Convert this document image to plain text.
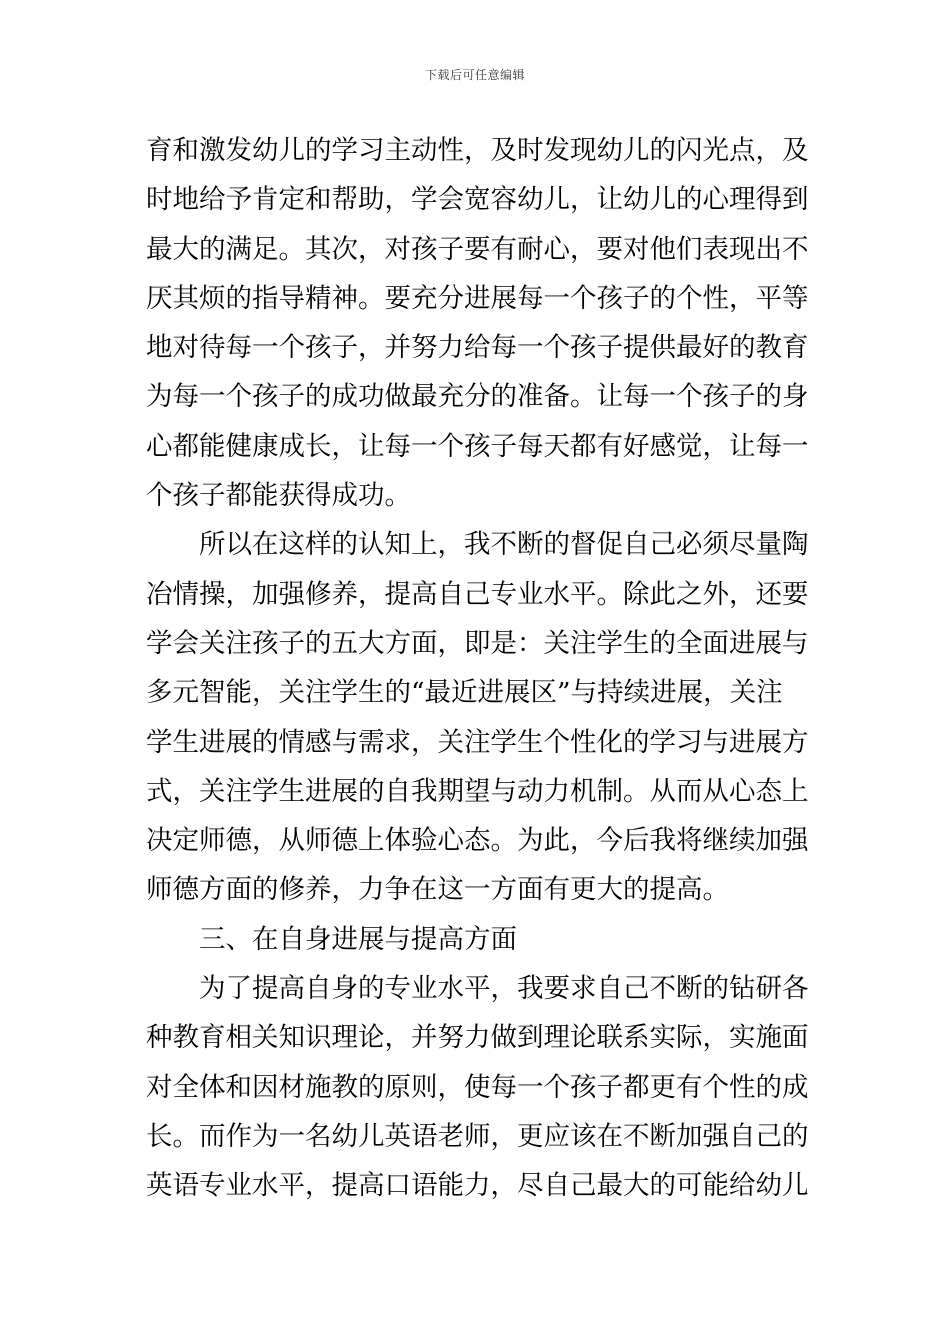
下载后可任意编辑
育和激发幼儿的学习主动性，及时发现幼儿的闪光点，及
时地给予肯定和帮助，学会宽容幼儿，让幼儿的心理得到
最大的满足。其次，对孩子要有耐心，要对他们表现出不
厌其烦的指导精神。要充分进展每一个孩子的个性，平等
地对待每一个孩子，并努力给每一个孩子提供最好的教育
为每一个孩子的成功做最充分的准备。让每一个孩子的身
心都能健康成长，让每一个孩子每天都有好感觉，让每一
个孩子都能获得成功。
所以在这样的认知上，我不断的督促自己必须尽量陶
冶情操，加强修养，提高自己专业水平。除此之外，还要
学会关注孩子的五大方面，即是：关注学生的全面进展与
多元智能，关注学生的“最近进展区”与持续进展，关注
学生进展的情感与需求，关注学生个性化的学习与进展方
式，关注学生进展的自我期望与动力机制。从而从心态上
决定师德，从师德上体验心态。为此，今后我将继续加强
师德方面的修养，力争在这一方面有更大的提高。
三、在自身进展与提高方面
为了提高自身的专业水平，我要求自己不断的钻研各
种教育相关知识理论，并努力做到理论联系实际，实施面
对全体和因材施教的原则，使每一个孩子都更有个性的成
长。而作为一名幼儿英语老师，更应该在不断加强自己的
英语专业水平，提高口语能力，尽自己最大的可能给幼儿
